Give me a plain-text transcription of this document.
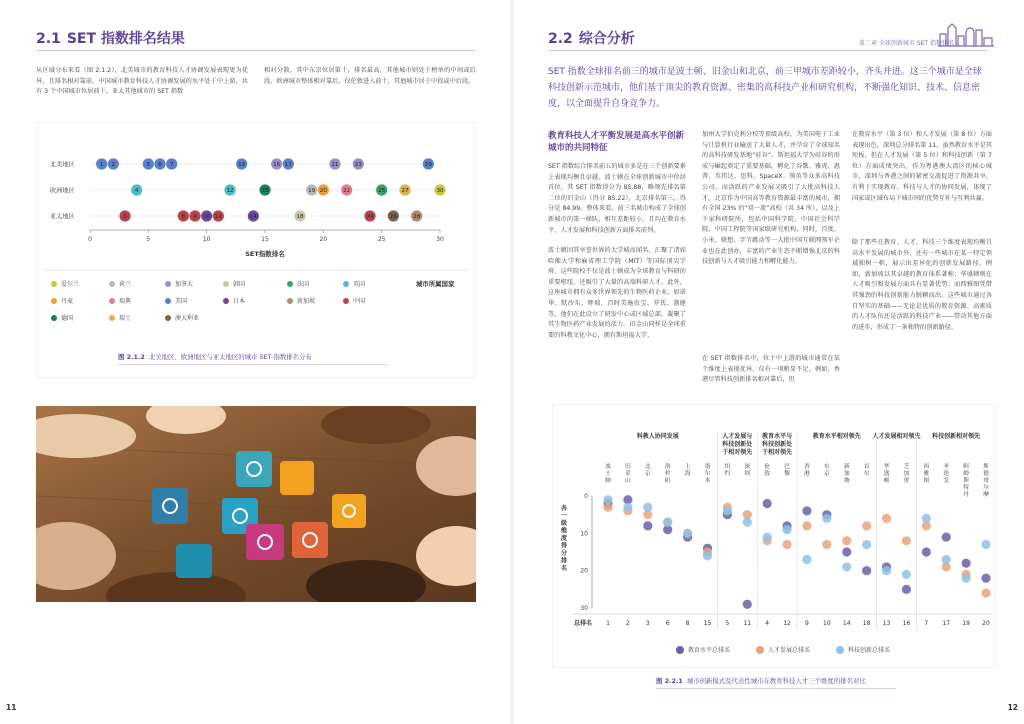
2.1 SET 指数排名结果
从区域分布来看（图 2.1.2），北美城市的教育科技人才协调发展表现更为优异，且排名相对靠前。中国城市教育科技人才协调发展的水平处于中上游，共有 3 个中国城市位居前十。亚太其他城市的 SET 指数
相对分散，其中东京位居第十，排名最高，其他城市则处于榜单的中间或后段。欧洲城市整体相对靠后，仅伦敦进入前十，其他城市居于中段或中后段。
北美地区
欧洲地区
亚太地区
0	5	10	15	20	25	30
SET指数排名
1 2	5 6 7	13	16 17	21	23	29
4	12	15	19 20	22	25	27	30
3	8 9 10 11	14	18	24	26	28
城市所属国家
爱尔兰	荷兰	加拿大	韩国	法国	英国
丹麦	瑞典	美国	日本	新加坡	中国
德国	瑞士	澳大利亚
图 2.1.2 北美地区、欧洲地区与亚太地区的城市 SET 指数排名分布
11
2.2 综合分析	第二章 全球创新城市 SET 指数排名
SET 指数全球排名前三的城市是波士顿、旧金山和北京，前三甲城市差距较小，齐头并进。这三个城市是全球科技创新示范城市，他们基于顶尖的教育资源、密集的高科技产业和研究机构，不断强化知识、技术、信息密度，以全面提升自身竞争力。
教育科技人才平衡发展是高水平创新城市的共同特征
SET 指数综合排名前五的城市多是在三个创新要素上表现均衡且卓越。波士顿在全球创新城市中位居首位，其 SET 指数得分为 85.88，略领先排名第二位的旧金山（得分 85.22），北京排名第三，得分是 84.99。整体来看，前三名城市构成了全球创新城市的第一梯队，相互差距较小，且均在教育水平、人才发展和科技创新方面排名前列。
波士顿因其享誉世界的大学城而闻名，汇聚了诸如哈佛大学和麻省理工学院（MIT）等国际顶尖学府。这些院校不仅是波士顿成为全球教育与科研的重要枢纽，还吸引了大量的高端科研人才。此外，这座城市拥有众多世界领先的生物医药企业，如诺华、默沙东、辉瑞、百时美施贵宝、罗氏、渤健等，他们在此设立了研发中心或区域总部，凝聚了其生物医药产业发展的活力。旧金山同样是全球重要的科教文化中心，拥有斯坦福大学、
加州大学伯克利分校等顶级高校，为美国电子工业与计算机行业输送了大量人才，并孕育了全球知名的高科技研发基地“硅谷”。斯坦福大学为硅谷的形成与崛起奠定了重要基础，孵化了谷歌、雅虎、惠普、英伟达、思科、SpaceX、领英等众多高科技公司，而活跃的产业发展又吸引了大批高科技人才。北京作为中国高等教育资源最丰富的城市，拥有全国 23% 的“双一流”高校（共 34 所），以及上千家科研院所，包括中国科学院、中国社会科学院、中国工程院等国家级研究机构。同时，百度、小米、联想、字节跳动等一大批中国互联网领军企业也在此创办，丰富的产业生态不断增强北京的科技创新与人才吸引能力和孵化能力。
在 SET 指数排名中，位于中上游的城市通常在某个维度上表现优异，仅有一项稍显不足。例如，香港尽管科技创新排名相对靠后，但
在教育水平（第 3 位）和人才发展（第 8 位）方面表现出色。深圳总分排名第 11，虽然教育水平是其短板，但在人才发展（第 5 位）和科技创新（第 7 位）方面成绩突出。作为粤港澳大湾区的核心城市，深圳与香港之间的紧密交流促进了资源共享，有利于实现教育、科技与人才的协同发展，体现了国家或区域布局下城市间的优势互补与互利共赢。
除了那些在教育、人才、科技三个维度表现均衡且高水平发展的城市外，还有一些城市在某一特定领域独树一帜，展示出差异化的创新发展路径。例如，新加坡以其卓越的教育体系著称；华盛顿则在人才吸引和发展方面具有显著优势；而西雅图凭借其强劲的科技创新能力脱颖而出。这些城市通过各自坚实的基础——无论是优质的教育资源、高素质的人才队伍还是活跃的科技产业——带动其他方面的进步，形成了一条独特的创新路径。
科教人协同发展	人才发展与
科技创新处
于相对领先
教育水平与
科技创新处
于相对领先
教育水平相对领先 人才发展相对领先 科技创新相对领先
波
士
顿
旧
金
山
北
京
洛
杉
矶
上
海
墨
尔
本
纽
约
深
圳
伦
敦
巴
黎
香
港
东
京
新
加
坡
首
尔
华
盛
顿
芝
加
哥
西
雅
图
圣
迭
戈
阿
姆
斯
特
丹
斯
德
哥
尔
摩
0
10
20
30
各
一
级
维
度
得
分
排
名
总排名 1	2	3	6	8 15 5 11 4 12 9 10 14 18 13 16 7 17 19 20
教育水平总排名	人才发展总排名	科技创新总排名
图 2.2.1 城市创新模式及代表性城市在教育科技人才三个维度的排名对比
12
